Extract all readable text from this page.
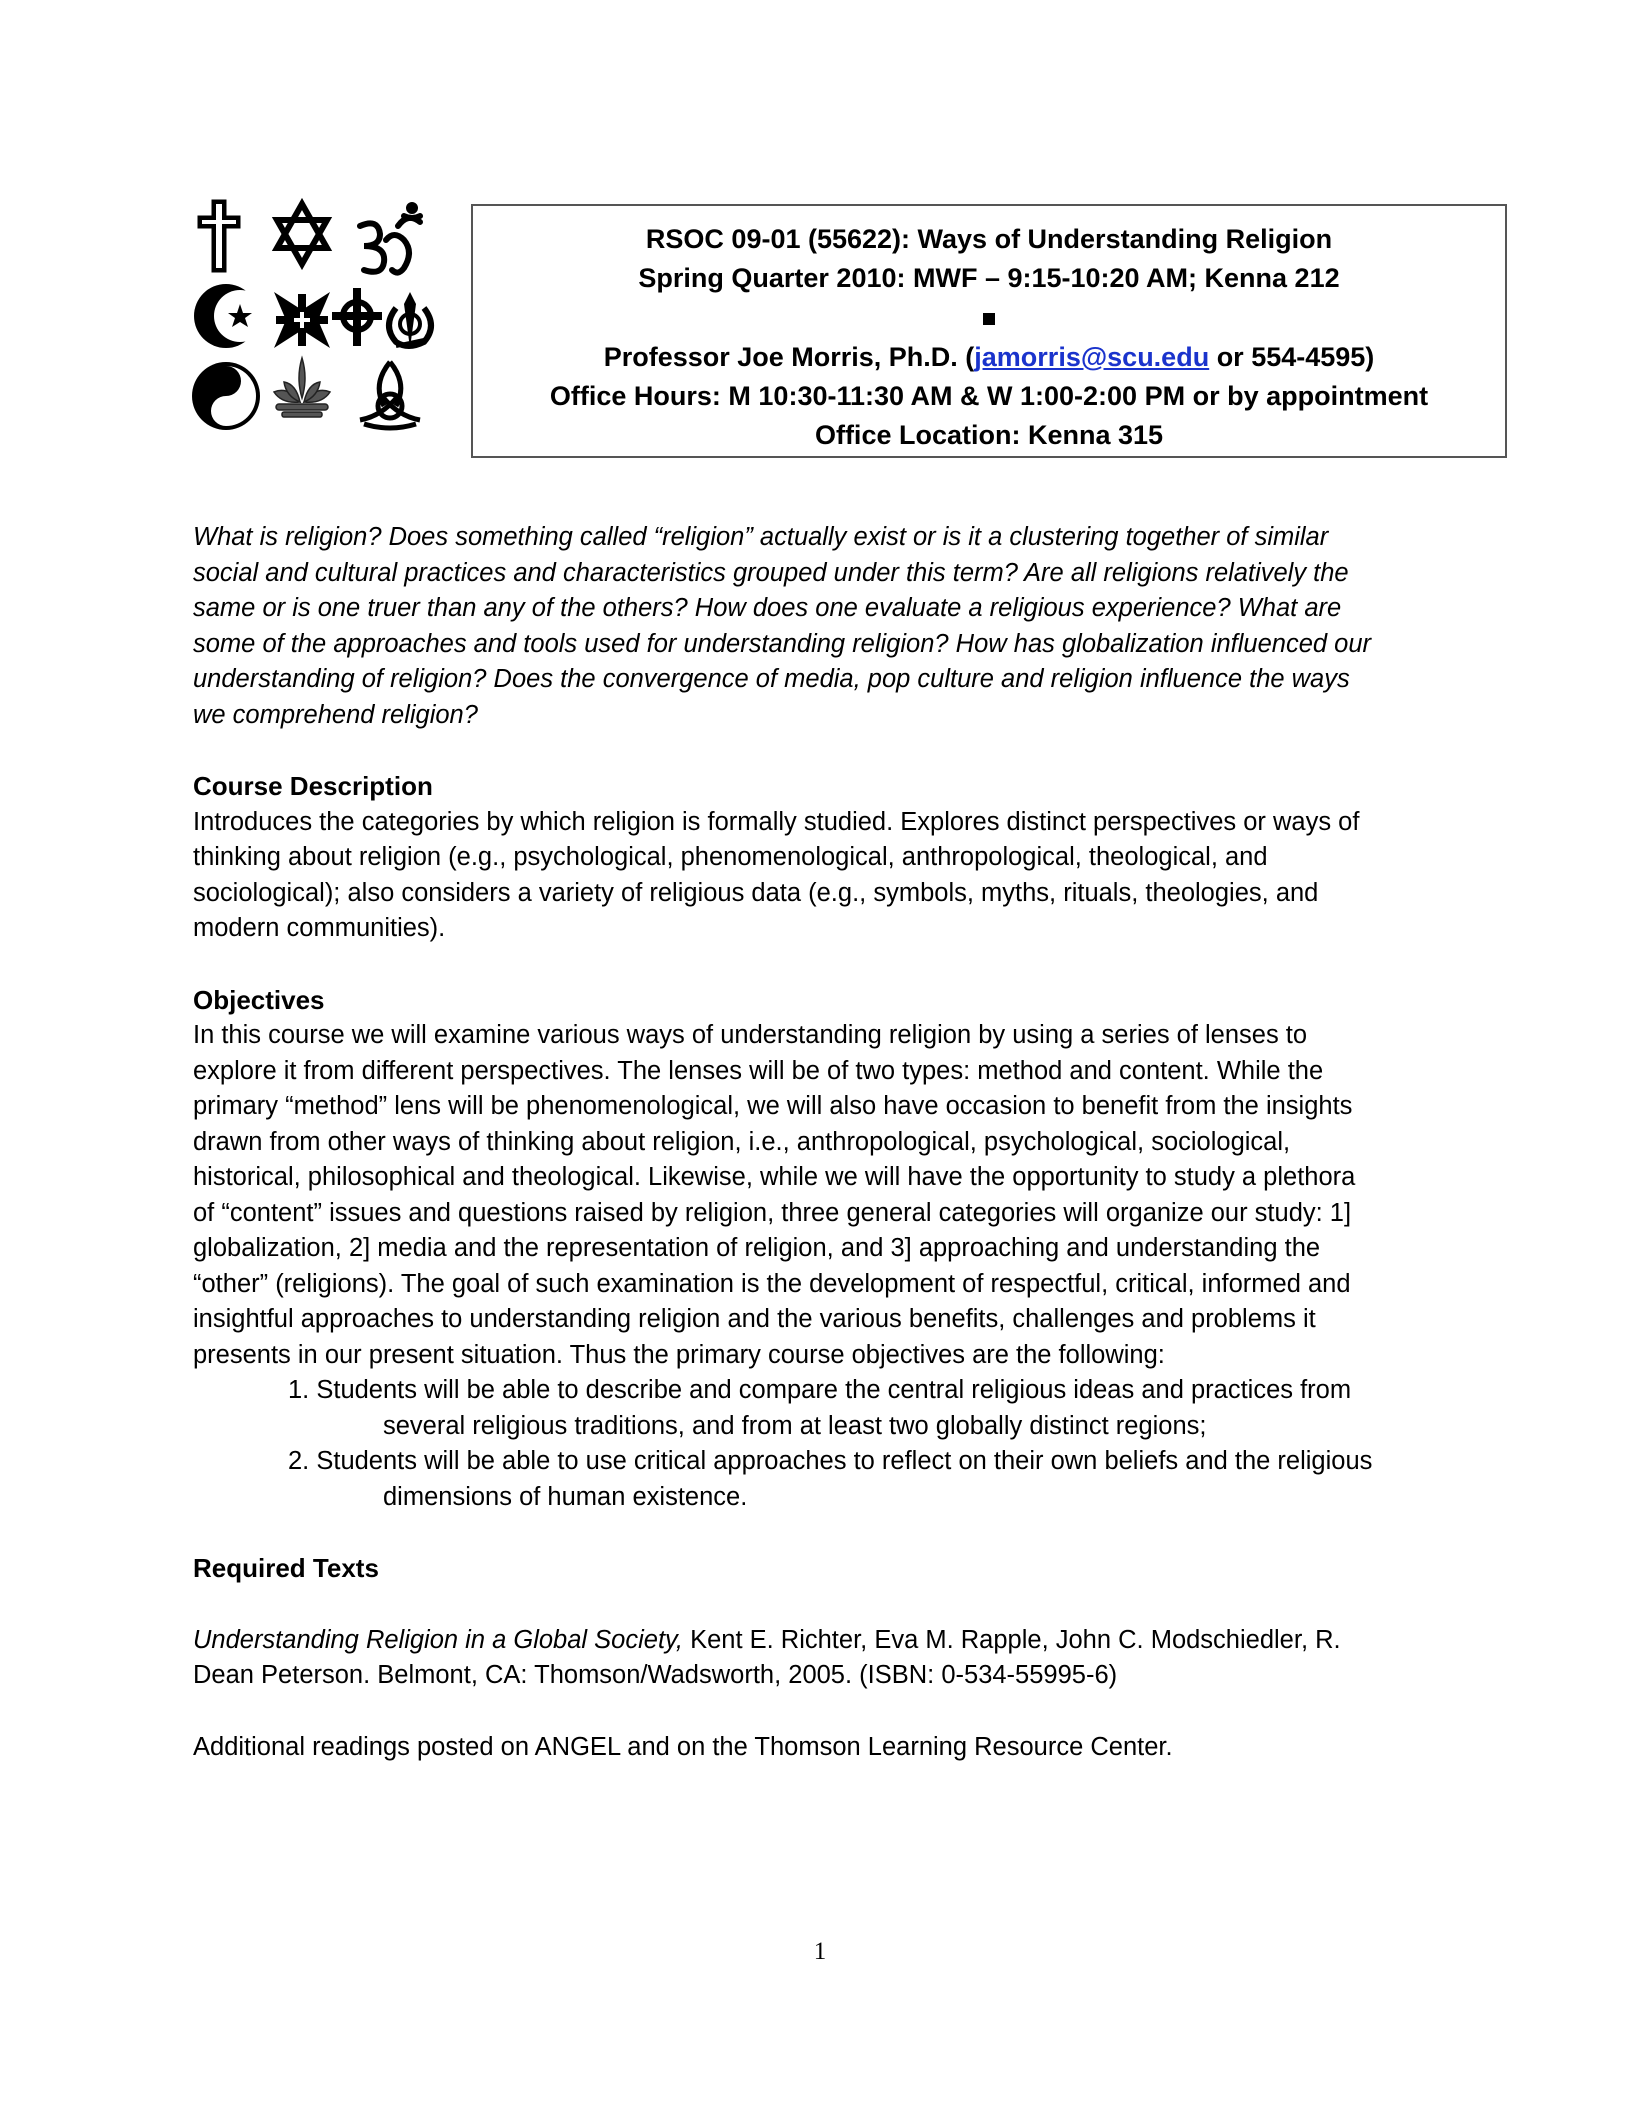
RSOC 09-01 (55622): Ways of Understanding Religion
Spring Quarter 2010: MWF – 9:15-10:20 AM; Kenna 212
Professor Joe Morris, Ph.D. (jamorris@scu.edu or 554-4595)
Office Hours: M 10:30-11:30 AM & W 1:00-2:00 PM or by appointment
Office Location: Kenna 315

What is religion? Does something called “religion” actually exist or is it a clustering together of similar social and cultural practices and characteristics grouped under this term? Are all religions relatively the same or is one truer than any of the others? How does one evaluate a religious experience? What are some of the approaches and tools used for understanding religion? How has globalization influenced our understanding of religion? Does the convergence of media, pop culture and religion influence the ways we comprehend religion?

Course Description

Introduces the categories by which religion is formally studied. Explores distinct perspectives or ways of thinking about religion (e.g., psychological, phenomenological, anthropological, theological, and sociological); also considers a variety of religious data (e.g., symbols, myths, rituals, theologies, and modern communities).

Objectives

In this course we will examine various ways of understanding religion by using a series of lenses to explore it from different perspectives. The lenses will be of two types: method and content. While the primary “method” lens will be phenomenological, we will also have occasion to benefit from the insights drawn from other ways of thinking about religion, i.e., anthropological, psychological, sociological, historical, philosophical and theological. Likewise, while we will have the opportunity to study a plethora of “content” issues and questions raised by religion, three general categories will organize our study: 1] globalization, 2] media and the representation of religion, and 3] approaching and understanding the “other” (religions). The goal of such examination is the development of respectful, critical, informed and insightful approaches to understanding religion and the various benefits, challenges and problems it presents in our present situation. Thus the primary course objectives are the following:

1. Students will be able to describe and compare the central religious ideas and practices from several religious traditions, and from at least two globally distinct regions;
2. Students will be able to use critical approaches to reflect on their own beliefs and the religious dimensions of human existence.

Required Texts

Understanding Religion in a Global Society, Kent E. Richter, Eva M. Rapple, John C. Modschiedler, R. Dean Peterson. Belmont, CA: Thomson/Wadsworth, 2005. (ISBN: 0-534-55995-6)

Additional readings posted on ANGEL and on the Thomson Learning Resource Center.

1
